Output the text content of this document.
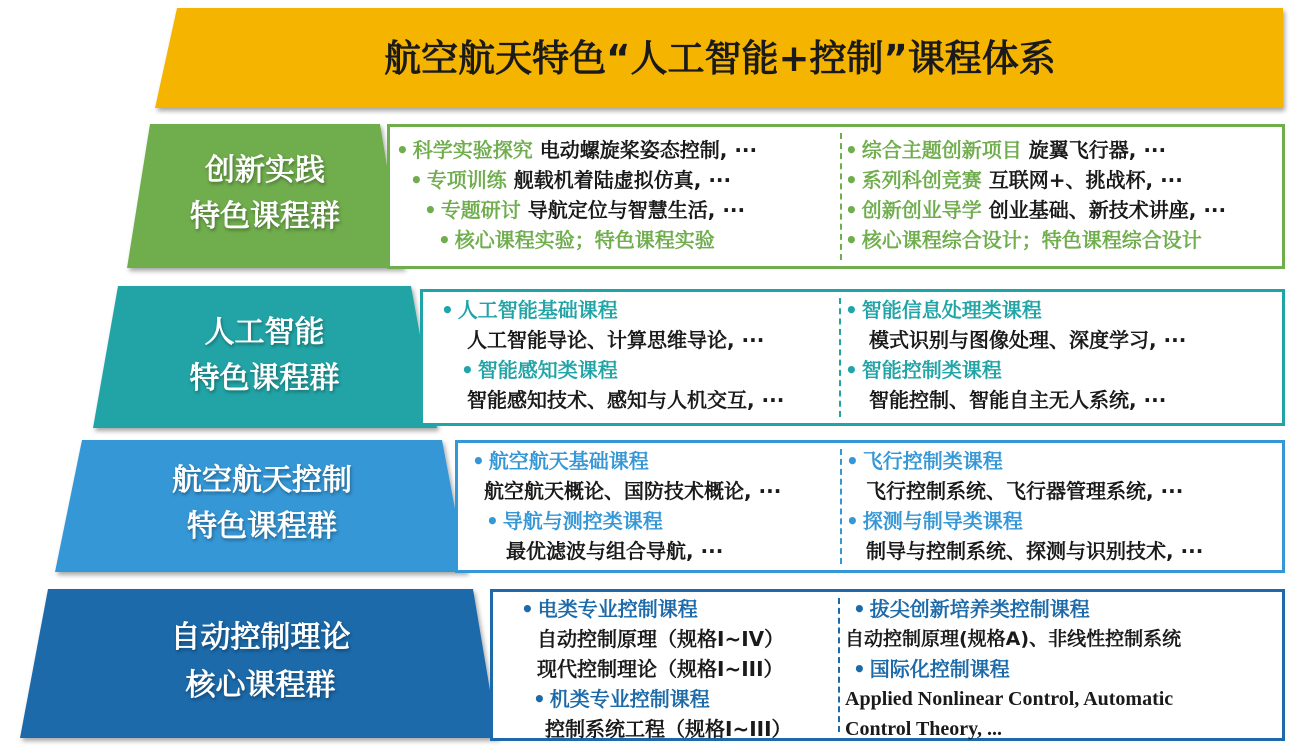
航空航天特色“人工智能+控制”课程体系
创新实践
特色课程群
人工智能
特色课程群
航空航天控制
特色课程群
自动控制理论
核心课程群
• 科学实验探究 电动螺旋桨姿态控制, ···
• 专项训练 舰载机着陆虚拟仿真, ···
• 专题研讨 导航定位与智慧生活, ···
• 核心课程实验；特色课程实验
• 综合主题创新项目 旋翼飞行器, ···
• 系列科创竞赛 互联网+、挑战杯, ···
• 创新创业导学 创业基础、新技术讲座, ···
• 核心课程综合设计；特色课程综合设计
• 人工智能基础课程
人工智能导论、计算思维导论, ···
• 智能感知类课程
智能感知技术、感知与人机交互, ···
• 智能信息处理类课程
模式识别与图像处理、深度学习, ···
• 智能控制类课程
智能控制、智能自主无人系统, ···
• 航空航天基础课程
航空航天概论、国防技术概论, ···
• 导航与测控类课程
最优滤波与组合导航, ···
• 飞行控制类课程
飞行控制系统、飞行器管理系统, ···
• 探测与制导类课程
制导与控制系统、探测与识别技术, ···
• 电类专业控制课程
自动控制原理（规格I~IV）
现代控制理论（规格I~III）
• 机类专业控制课程
控制系统工程（规格I~III）
• 拔尖创新培养类控制课程
自动控制原理(规格A)、非线性控制系统
• 国际化控制课程
Applied Nonlinear Control, Automatic
Control Theory, ...
